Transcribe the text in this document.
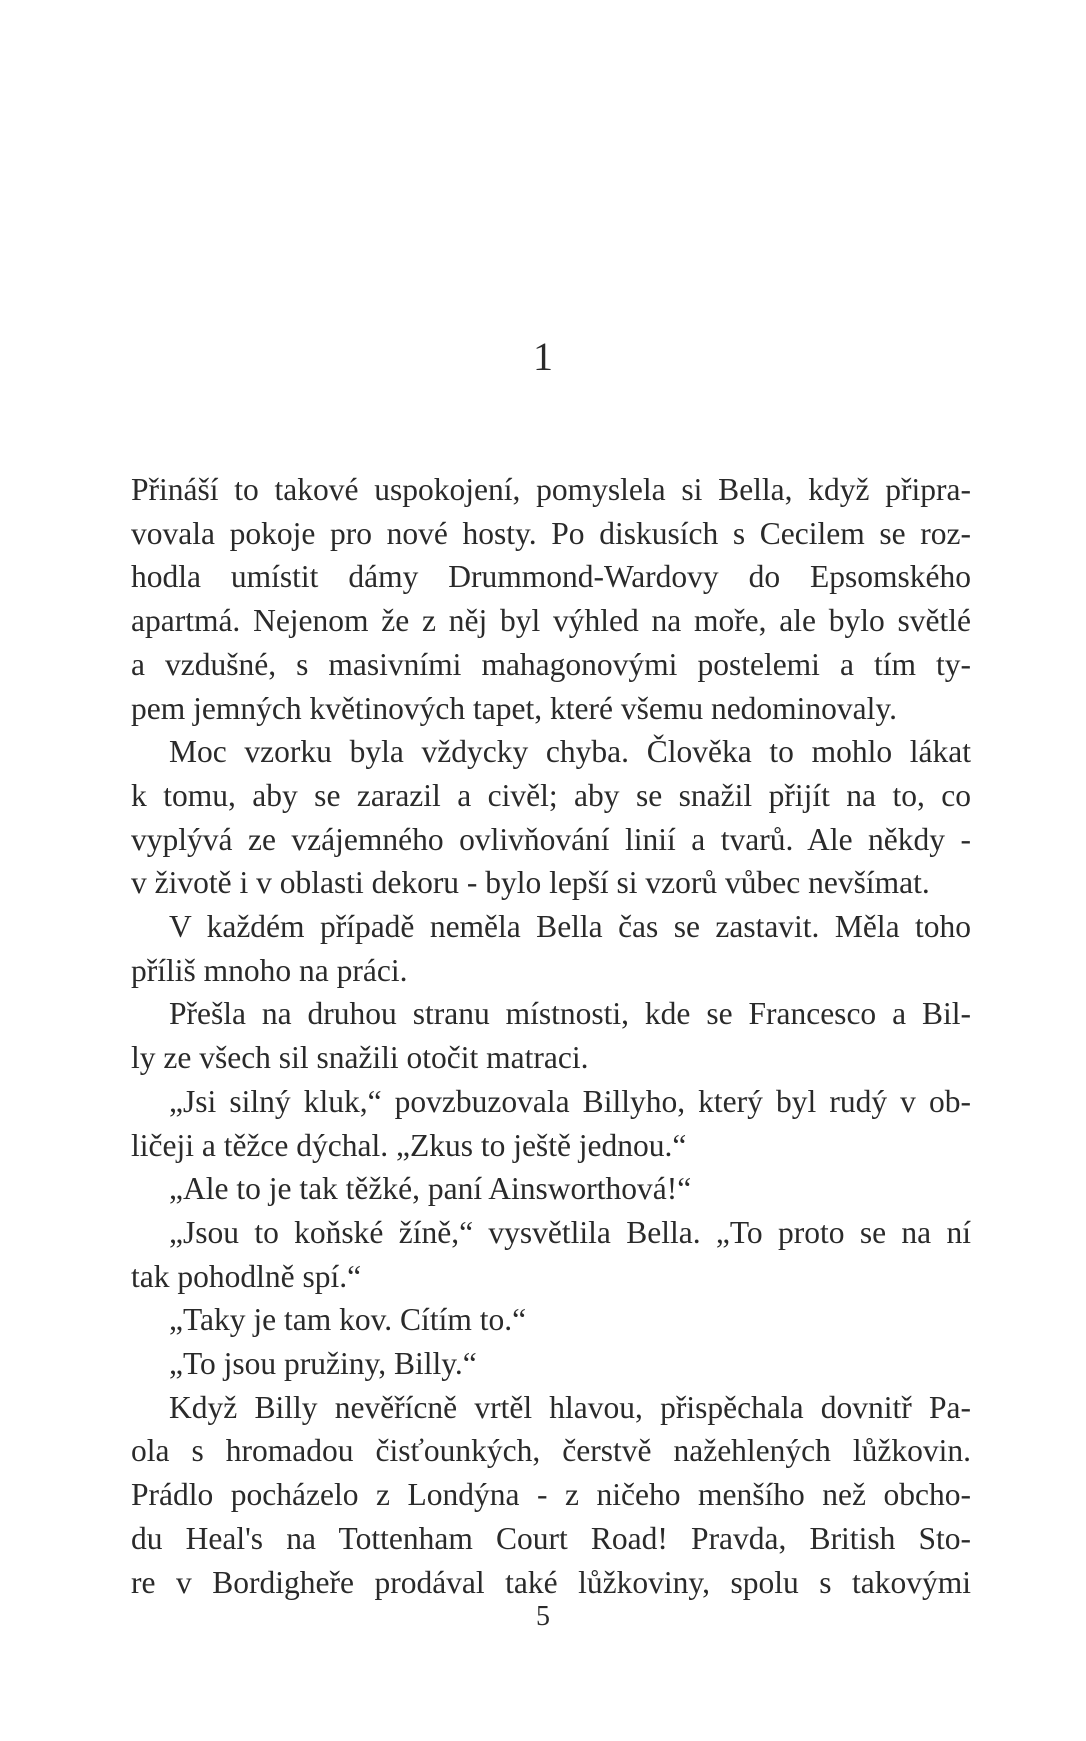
1

Přináší to takové uspokojení, pomyslela si Bella, když připra-
vovala pokoje pro nové hosty. Po diskusích s Cecilem se roz-
hodla umístit dámy Drummond-Wardovy do Epsomského
apartmá. Nejenom že z něj byl výhled na moře, ale bylo světlé
a vzdušné, s masivními mahagonovými postelemi a tím ty-
pem jemných květinových tapet, které všemu nedominovaly.

Moc vzorku byla vždycky chyba. Člověka to mohlo lákat
k tomu, aby se zarazil a civěl; aby se snažil přijít na to, co
vyplývá ze vzájemného ovlivňování linií a tvarů. Ale někdy -
v životě i v oblasti dekoru - bylo lepší si vzorů vůbec nevšímat.

V každém případě neměla Bella čas se zastavit. Měla toho
příliš mnoho na práci.

Přešla na druhou stranu místnosti, kde se Francesco a Bil-
ly ze všech sil snažili otočit matraci.

„Jsi silný kluk,“ povzbuzovala Billyho, který byl rudý v ob-
ličeji a těžce dýchal. „Zkus to ještě jednou.“

„Ale to je tak těžké, paní Ainsworthová!“

„Jsou to koňské žíně,“ vysvětlila Bella. „To proto se na ní
tak pohodlně spí.“

„Taky je tam kov. Cítím to.“

„To jsou pružiny, Billy.“

Když Billy nevěřícně vrtěl hlavou, přispěchala dovnitř Pa-
ola s hromadou čisťounkých, čerstvě nažehlených lůžkovin.
Prádlo pocházelo z Londýna - z ničeho menšího než obcho-
du Heal's na Tottenham Court Road! Pravda, British Sto-
re v Bordigheře prodával také lůžkoviny, spolu s takovými

5
